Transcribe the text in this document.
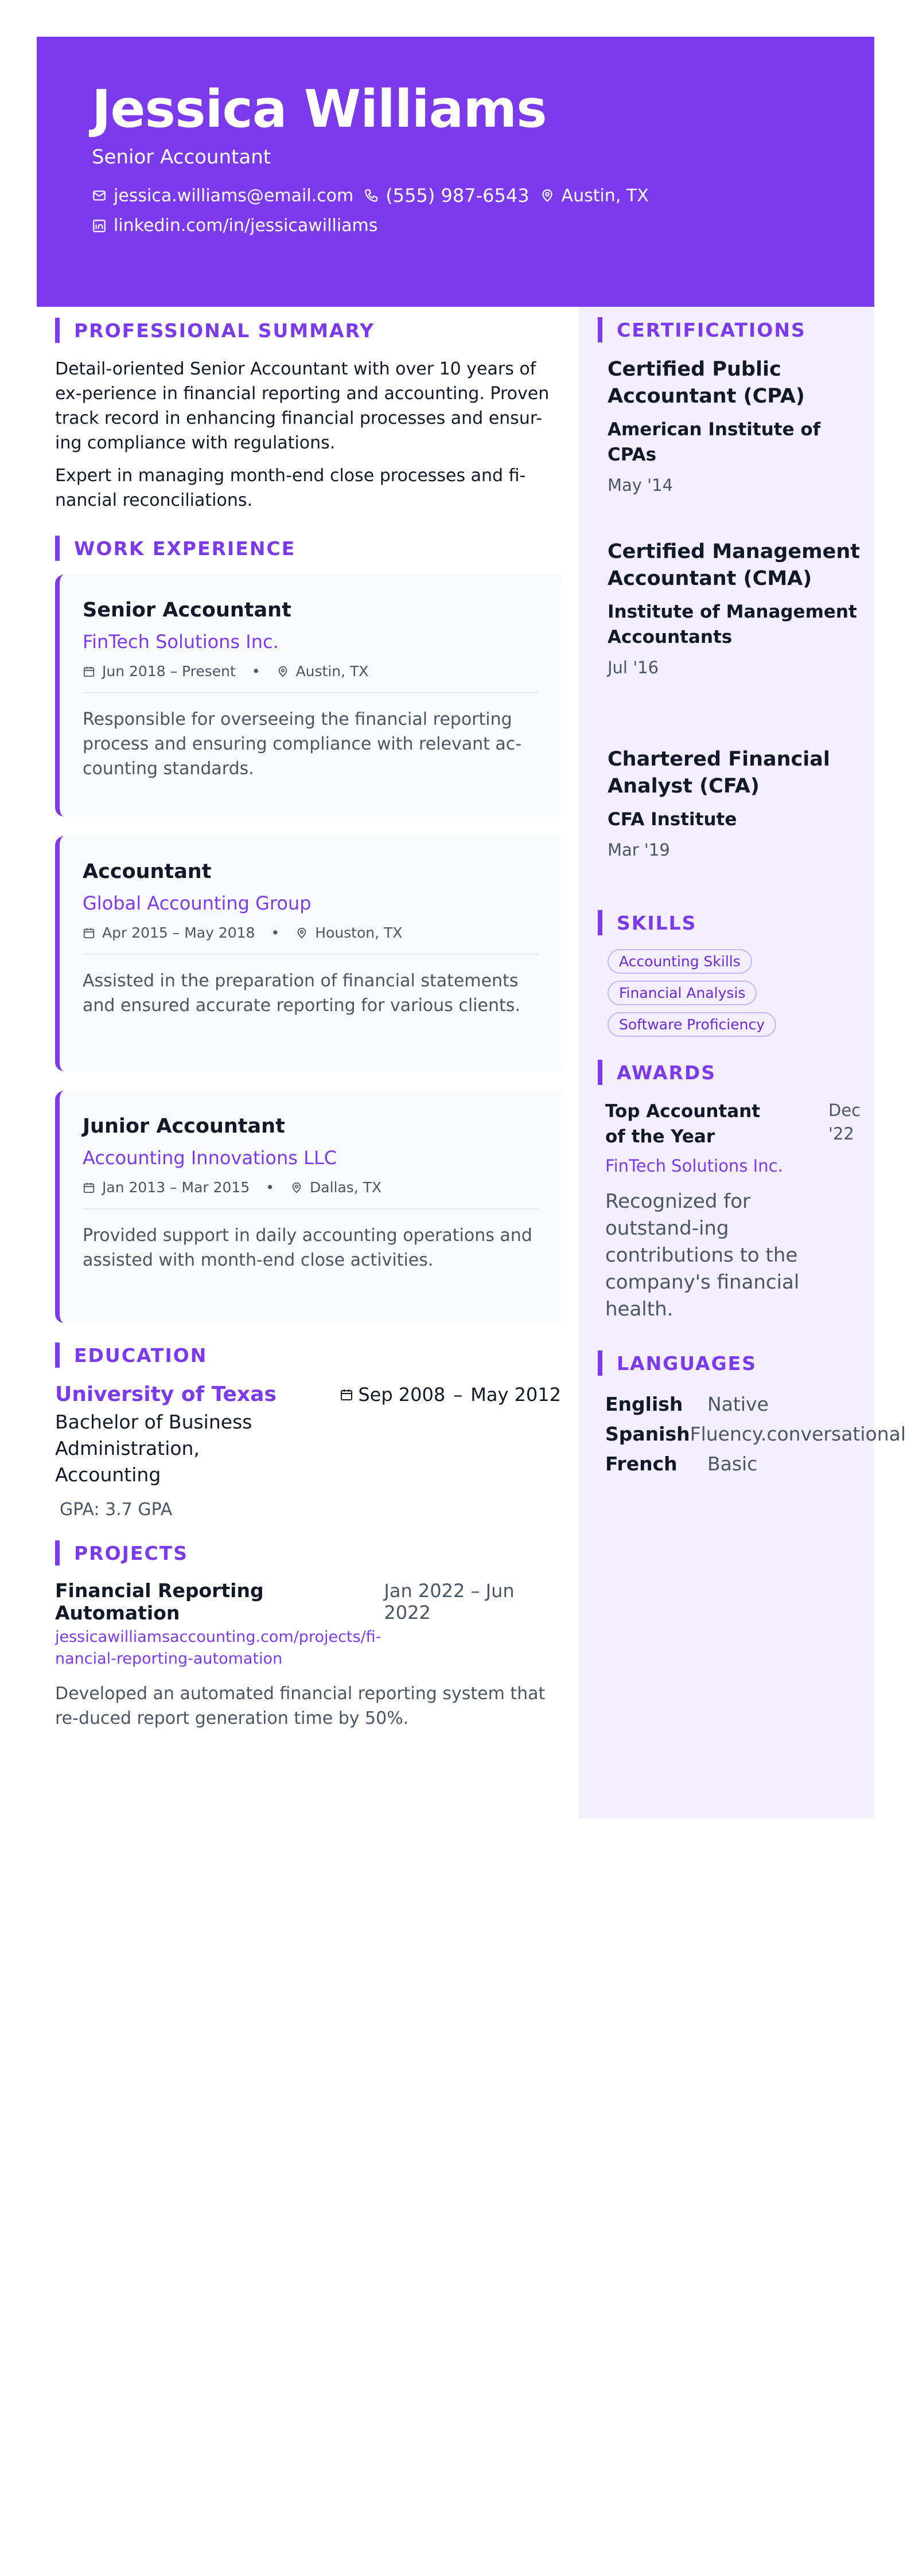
Jessica Williams
Senior Accountant
jessica.williams@email.com (555) 987-6543 Austin, TX
linkedin.com/in/jessicawilliams
PROFESSIONAL SUMMARY

Detail-oriented Senior Accountant with over 10 years of ex-perience in financial reporting and accounting. Proven track record in enhancing financial processes and ensur-ing compliance with regulations.

Expert in managing month-end close processes and fi-nancial reconciliations.

WORK EXPERIENCE
Senior Accountant
FinTech Solutions Inc.
Jun 2018 – Present • Austin, TX
Responsible for overseeing the financial reporting process and ensuring compliance with relevant ac-counting standards.
Accountant
Global Accounting Group
Apr 2015 – May 2018 • Houston, TX
Assisted in the preparation of financial statements and ensured accurate reporting for various clients.
Junior Accountant
Accounting Innovations LLC
Jan 2013 – Mar 2015 • Dallas, TX
Provided support in daily accounting operations and assisted with month-end close activities.
EDUCATION
University of Texas
Bachelor of Business Administration, Accounting
Sep 2008 – May 2012
GPA: 3.7 GPA
PROJECTS
Financial Reporting Automation
Jan 2022 – Jun 2022
jessicawilliamsaccounting.com/projects/fi-nancial-reporting-automation
Developed an automated financial reporting system that re-duced report generation time by 50%.
CERTIFICATIONS
Certified Public Accountant (CPA)
American Institute of CPAs
May '14
Certified Management Accountant (CMA)
Institute of Management Accountants
Jul '16
Chartered Financial Analyst (CFA)
CFA Institute
Mar '19
SKILLS
Accounting Skills
Financial Analysis
Software Proficiency
AWARDS
Top Accountant of the Year
Dec '22
FinTech Solutions Inc.
Recognized for outstand-ing contributions to the company's financial health.
LANGUAGES
English	Native
Spanish Fluency.conversational
French	Basic
